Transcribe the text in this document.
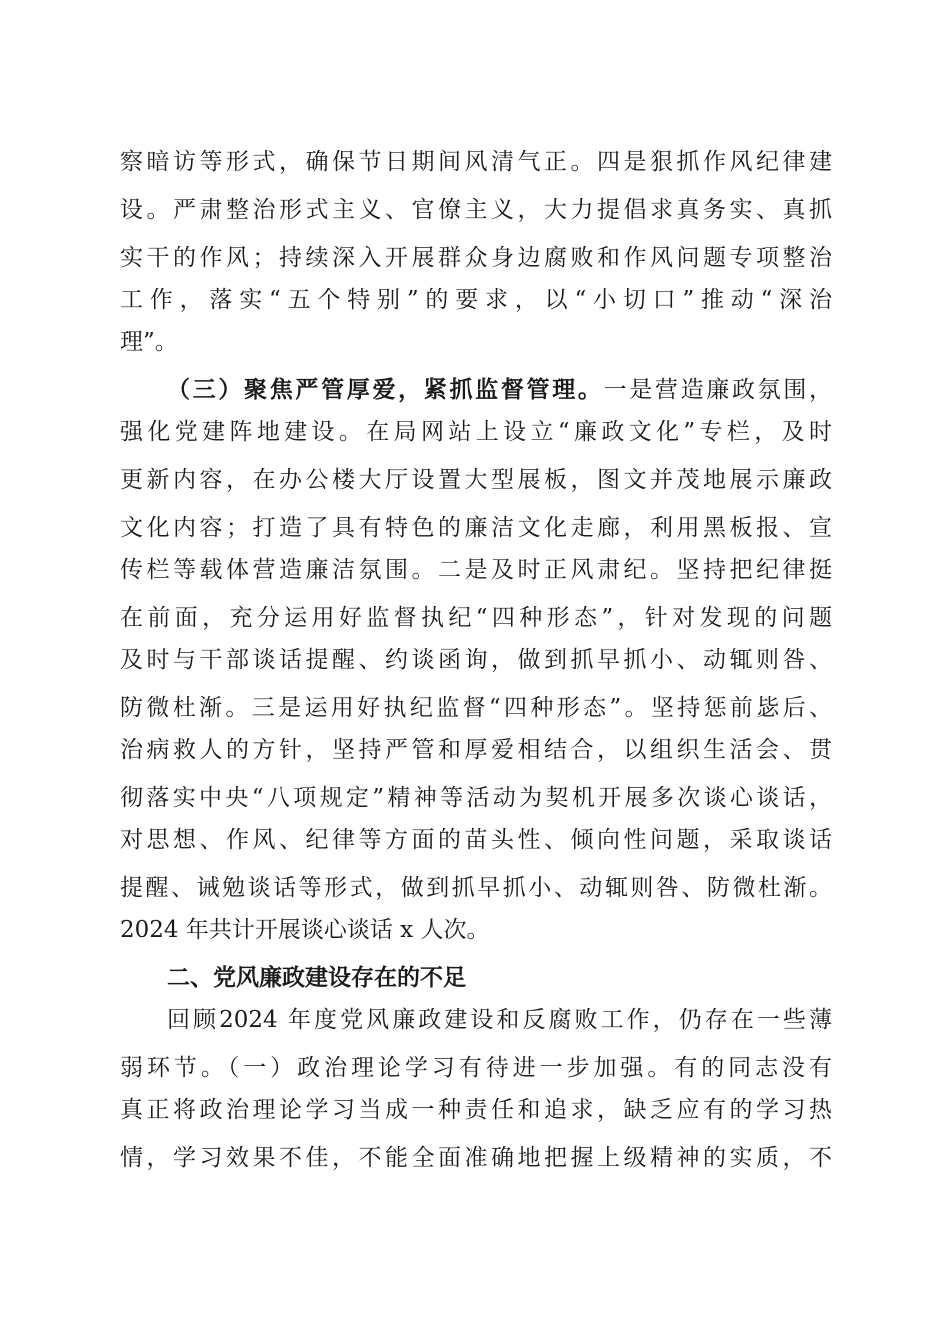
察暗访等形式，确保节日期间风清气正。四是狠抓作风纪律建
设。严肃整治形式主义、官僚主义，大力提倡求真务实、真抓
实干的作风；持续深入开展群众身边腐败和作风问题专项整治
工作，落实“五个特别”的要求，以“小切口”推动“深治
理”。
（三）聚焦严管厚爱，紧抓监督管理。一是营造廉政氛围，
强化党建阵地建设。在局网站上设立“廉政文化”专栏，及时
更新内容，在办公楼大厅设置大型展板，图文并茂地展示廉政
文化内容；打造了具有特色的廉洁文化走廊，利用黑板报、宣
传栏等载体营造廉洁氛围。二是及时正风肃纪。坚持把纪律挺
在前面，充分运用好监督执纪“四种形态”，针对发现的问题
及时与干部谈话提醒、约谈函询，做到抓早抓小、动辄则咎、
防微杜渐。三是运用好执纪监督“四种形态”。坚持惩前毖后、
治病救人的方针，坚持严管和厚爱相结合，以组织生活会、贯
彻落实中央“八项规定”精神等活动为契机开展多次谈心谈话，
对思想、作风、纪律等方面的苗头性、倾向性问题，采取谈话
提醒、诫勉谈话等形式，做到抓早抓小、动辄则咎、防微杜渐。
2024 年共计开展谈心谈话 x 人次。
二、党风廉政建设存在的不足
回顾2024 年度党风廉政建设和反腐败工作，仍存在一些薄
弱环节。（一）政治理论学习有待进一步加强。有的同志没有
真正将政治理论学习当成一种责任和追求，缺乏应有的学习热
情，学习效果不佳，不能全面准确地把握上级精神的实质，不
